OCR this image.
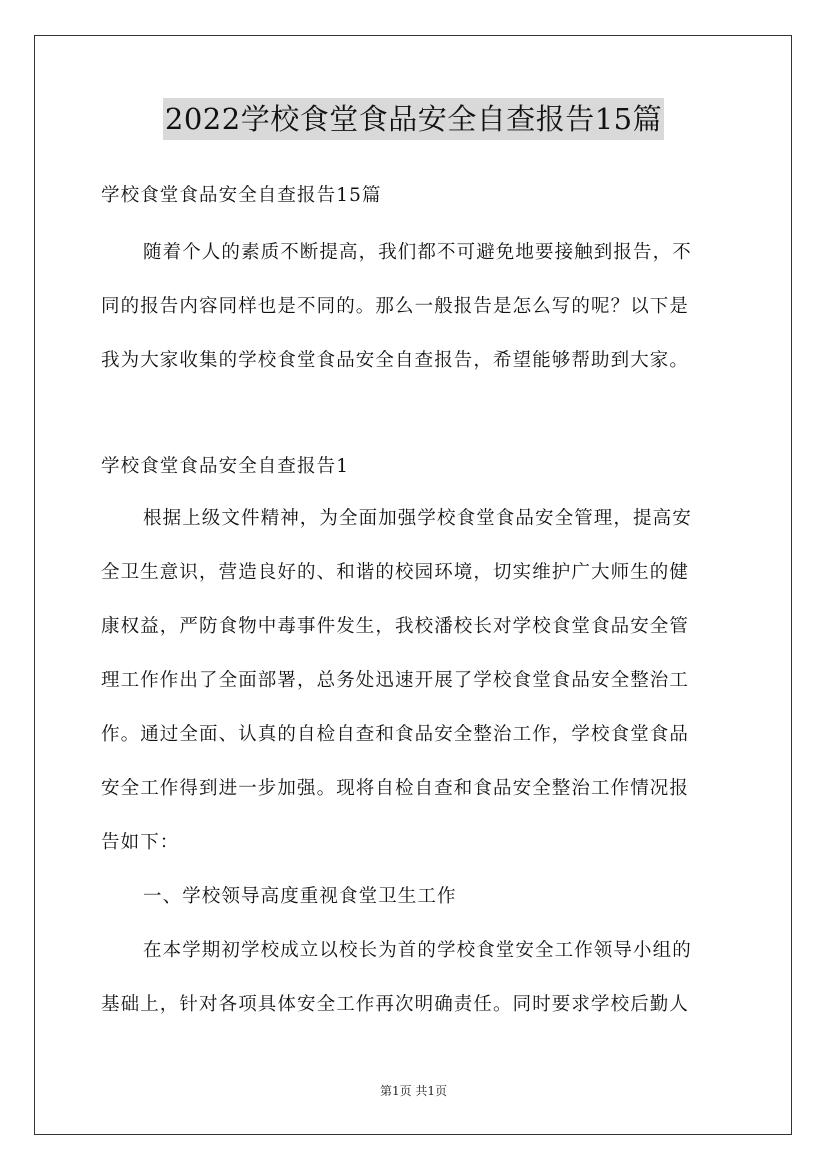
2022学校食堂食品安全自查报告15篇
学校食堂食品安全自查报告15篇
随着个人的素质不断提高，我们都不可避免地要接触到报告，不
同的报告内容同样也是不同的。那么一般报告是怎么写的呢？以下是
我为大家收集的学校食堂食品安全自查报告，希望能够帮助到大家。
学校食堂食品安全自查报告1
根据上级文件精神，为全面加强学校食堂食品安全管理，提高安
全卫生意识，营造良好的、和谐的校园环境，切实维护广大师生的健
康权益，严防食物中毒事件发生，我校潘校长对学校食堂食品安全管
理工作作出了全面部署，总务处迅速开展了学校食堂食品安全整治工
作。通过全面、认真的自检自查和食品安全整治工作，学校食堂食品
安全工作得到进一步加强。现将自检自查和食品安全整治工作情况报
告如下：
一、学校领导高度重视食堂卫生工作
在本学期初学校成立以校长为首的学校食堂安全工作领导小组的
基础上，针对各项具体安全工作再次明确责任。同时要求学校后勤人
第1页 共1页
